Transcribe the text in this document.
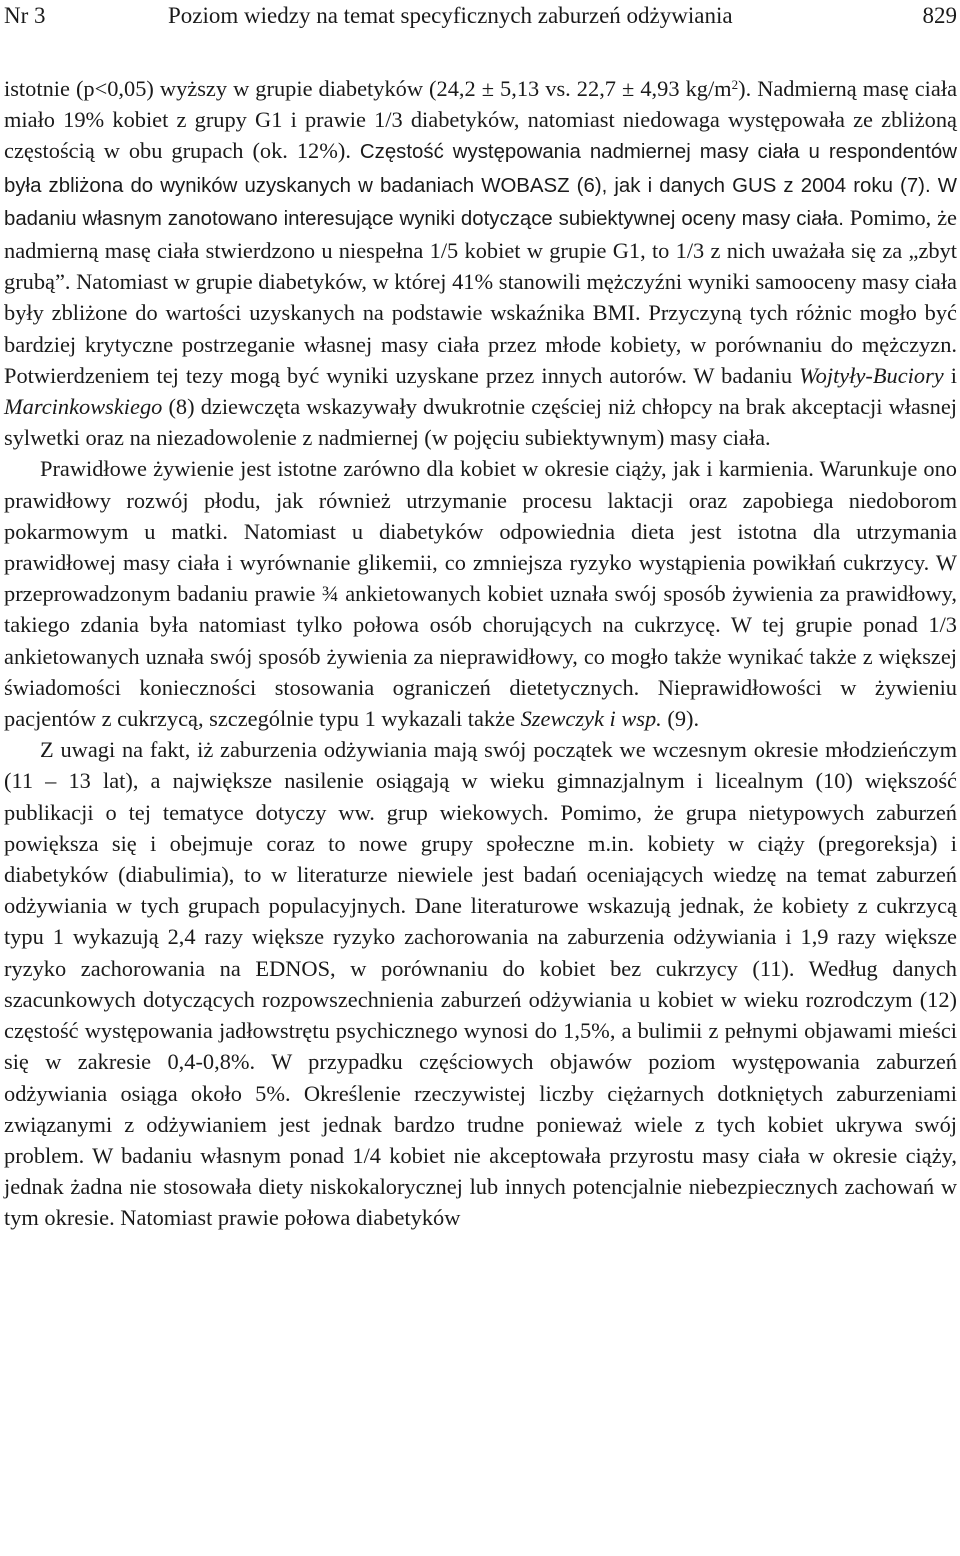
Nr 3	Poziom wiedzy na temat specyficznych zaburzeń odżywiania	829

istotnie (p<0,05) wyższy w grupie diabetyków (24,2 ± 5,13 vs. 22,7 ± 4,93 $kg/m^2$). Nadmierną masę ciała miało 19% kobiet z grupy G1 i prawie 1/3 diabetyków, natomiast niedowaga występowała ze zbliżoną częstością w obu grupach (ok. 12%). Częstość występowania nadmiernej masy ciała u respondentów była zbliżona do wyników uzyskanych w badaniach WOBASZ (6), jak i danych GUS z 2004 roku (7). W badaniu własnym zanotowano interesujące wyniki dotyczące subiektywnej oceny masy ciała. Pomimo, że nadmierną masę ciała stwierdzono u niespełna 1/5 kobiet w grupie G1, to 1/3 z nich uważała się za „zbyt grubą”. Natomiast w grupie diabetyków, w której 41% stanowili mężczyźni wyniki samooceny masy ciała były zbliżone do wartości uzyskanych na podstawie wskaźnika BMI. Przyczyną tych różnic mogło być bardziej krytyczne postrzeganie własnej masy ciała przez młode kobiety, w porównaniu do mężczyzn. Potwierdzeniem tej tezy mogą być wyniki uzyskane przez innych autorów. W badaniu Wojtyły-Buciory i Marcinkowskiego (8) dziewczęta wskazywały dwukrotnie częściej niż chłopcy na brak akceptacji własnej sylwetki oraz na niezadowolenie z nadmiernej (w pojęciu subiektywnym) masy ciała.

Prawidłowe żywienie jest istotne zarówno dla kobiet w okresie ciąży, jak i karmienia. Warunkuje ono prawidłowy rozwój płodu, jak również utrzymanie procesu laktacji oraz zapobiega niedoborom pokarmowym u matki. Natomiast u diabetyków odpowiednia dieta jest istotna dla utrzymania prawidłowej masy ciała i wyrównanie glikemii, co zmniejsza ryzyko wystąpienia powikłań cukrzycy. W przeprowadzonym badaniu prawie ¾ ankietowanych kobiet uznała swój sposób żywienia za prawidłowy, takiego zdania była natomiast tylko połowa osób chorujących na cukrzycę. W tej grupie ponad 1/3 ankietowanych uznała swój sposób żywienia za nieprawidłowy, co mogło także wynikać także z większej świadomości konieczności stosowania ograniczeń dietetycznych. Nieprawidłowości w żywieniu pacjentów z cukrzycą, szczególnie typu 1 wykazali także Szewczyk i wsp. (9).

Z uwagi na fakt, iż zaburzenia odżywiania mają swój początek we wczesnym okresie młodzieńczym (11 – 13 lat), a największe nasilenie osiągają w wieku gimnazjalnym i licealnym (10) większość publikacji o tej tematyce dotyczy ww. grup wiekowych. Pomimo, że grupa nietypowych zaburzeń powiększa się i obejmuje coraz to nowe grupy społeczne m.in. kobiety w ciąży (pregoreksja) i diabetyków (diabulimia), to w literaturze niewiele jest badań oceniających wiedzę na temat zaburzeń odżywiania w tych grupach populacyjnych. Dane literaturowe wskazują jednak, że kobiety z cukrzycą typu 1 wykazują 2,4 razy większe ryzyko zachorowania na zaburzenia odżywiania i 1,9 razy większe ryzyko zachorowania na EDNOS, w porównaniu do kobiet bez cukrzycy (11). Według danych szacunkowych dotyczących rozpowszechnienia zaburzeń odżywiania u kobiet w wieku rozrodczym (12) częstość występowania jadłowstrętu psychicznego wynosi do 1,5%, a bulimii z pełnymi objawami mieści się w zakresie 0,4-0,8%. W przypadku częściowych objawów poziom występowania zaburzeń odżywiania osiąga około 5%. Określenie rzeczywistej liczby ciężarnych dotkniętych zaburzeniami związanymi z odżywianiem jest jednak bardzo trudne ponieważ wiele z tych kobiet ukrywa swój problem. W badaniu własnym ponad 1/4 kobiet nie akceptowała przyrostu masy ciała w okresie ciąży, jednak żadna nie stosowała diety niskokalorycznej lub innych potencjalnie niebezpiecznych zachowań w tym okresie. Natomiast prawie połowa diabetyków
